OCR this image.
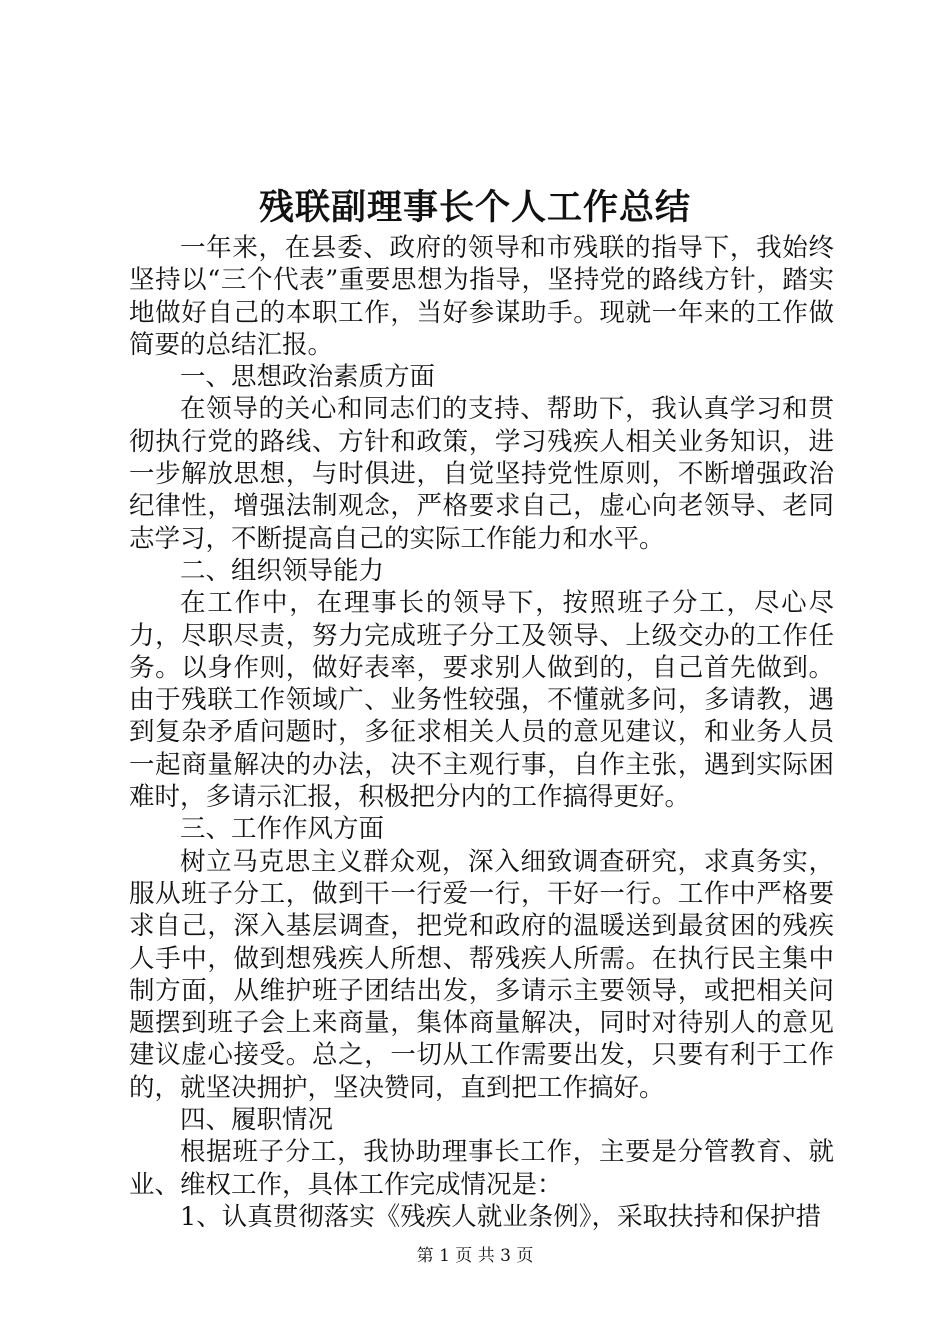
残联副理事长个人工作总结

一年来，在县委、政府的领导和市残联的指导下，我始终坚持以“三个代表”重要思想为指导，坚持党的路线方针，踏实地做好自己的本职工作，当好参谋助手。现就一年来的工作做简要的总结汇报。

一、思想政治素质方面

在领导的关心和同志们的支持、帮助下，我认真学习和贯彻执行党的路线、方针和政策，学习残疾人相关业务知识，进一步解放思想，与时俱进，自觉坚持党性原则，不断增强政治纪律性，增强法制观念，严格要求自己，虚心向老领导、老同志学习，不断提高自己的实际工作能力和水平。

二、组织领导能力

在工作中，在理事长的领导下，按照班子分工，尽心尽力，尽职尽责，努力完成班子分工及领导、上级交办的工作任务。以身作则，做好表率，要求别人做到的，自己首先做到。由于残联工作领域广、业务性较强，不懂就多问，多请教，遇到复杂矛盾问题时，多征求相关人员的意见建议，和业务人员一起商量解决的办法，决不主观行事，自作主张，遇到实际困难时，多请示汇报，积极把分内的工作搞得更好。

三、工作作风方面

树立马克思主义群众观，深入细致调查研究，求真务实，服从班子分工，做到干一行爱一行，干好一行。工作中严格要求自己，深入基层调查，把党和政府的温暖送到最贫困的残疾人手中，做到想残疾人所想、帮残疾人所需。在执行民主集中制方面，从维护班子团结出发，多请示主要领导，或把相关问题摆到班子会上来商量，集体商量解决，同时对待别人的意见建议虚心接受。总之，一切从工作需要出发，只要有利于工作的，就坚决拥护，坚决赞同，直到把工作搞好。

四、履职情况

根据班子分工，我协助理事长工作，主要是分管教育、就业、维权工作，具体工作完成情况是：

1、认真贯彻落实《残疾人就业条例》，采取扶持和保护措

第 1 页 共 3 页
